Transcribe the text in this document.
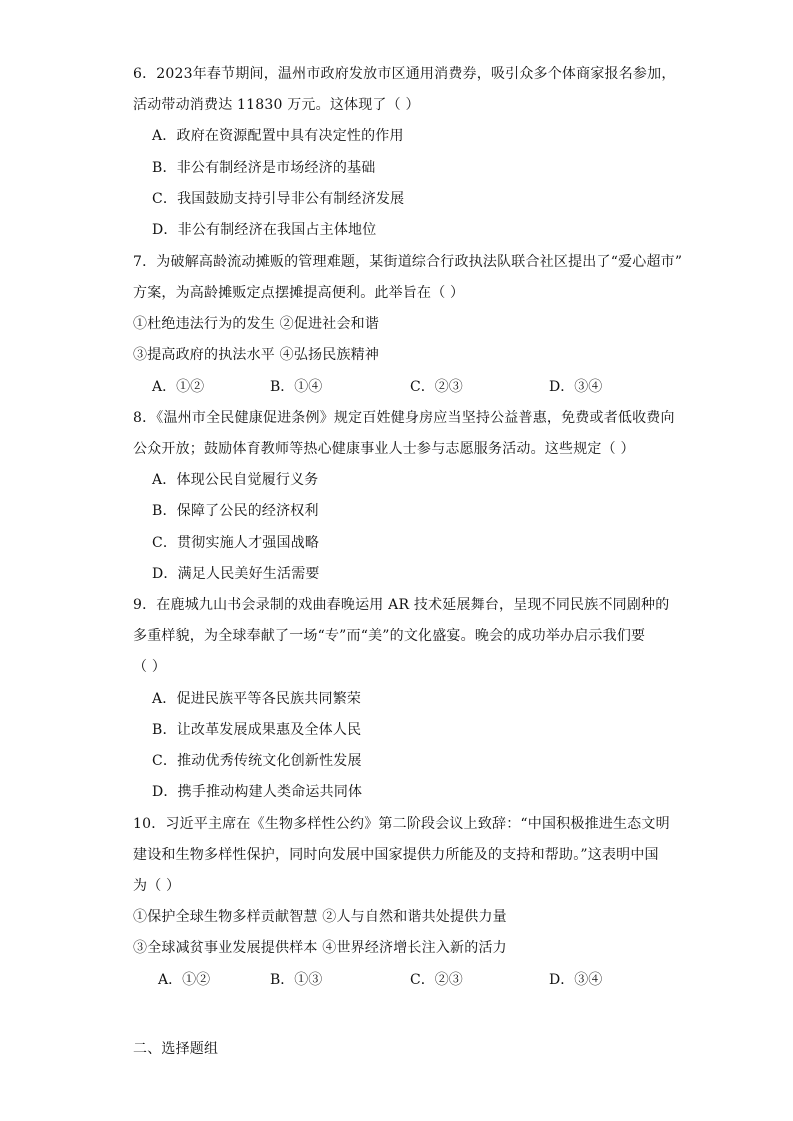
6．2023年春节期间，温州市政府发放市区通用消费券，吸引众多个体商家报名参加，
活动带动消费达 11830 万元。这体现了（ ）
A．政府在资源配置中具有决定性的作用
B．非公有制经济是市场经济的基础
C．我国鼓励支持引导非公有制经济发展
D．非公有制经济在我国占主体地位
7．为破解高龄流动摊贩的管理难题，某街道综合行政执法队联合社区提出了“爱心超市”
方案，为高龄摊贩定点摆摊提高便利。此举旨在（ ）
①杜绝违法行为的发生 ②促进社会和谐
③提高政府的执法水平 ④弘扬民族精神
A．①②	B．①④	C．②③	D．③④
8．《温州市全民健康促进条例》规定百姓健身房应当坚持公益普惠，免费或者低收费向
公众开放；鼓励体育教师等热心健康事业人士参与志愿服务活动。这些规定（ ）
A．体现公民自觉履行义务
B．保障了公民的经济权利
C．贯彻实施人才强国战略
D．满足人民美好生活需要
9．在鹿城九山书会录制的戏曲春晚运用 AR 技术延展舞台，呈现不同民族不同剧种的
多重样貌，为全球奉献了一场“专”而“美”的文化盛宴。晚会的成功举办启示我们要
（ ）
A．促进民族平等各民族共同繁荣
B．让改革发展成果惠及全体人民
C．推动优秀传统文化创新性发展
D．携手推动构建人类命运共同体
10．习近平主席在《生物多样性公约》第二阶段会议上致辞：“中国积极推进生态文明
建设和生物多样性保护，同时向发展中国家提供力所能及的支持和帮助。”这表明中国
为（ ）
①保护全球生物多样贡献智慧 ②人与自然和谐共处提供力量
③全球减贫事业发展提供样本 ④世界经济增长注入新的活力
A．①②	B．①③	C．②③	D．③④
二、选择题组
